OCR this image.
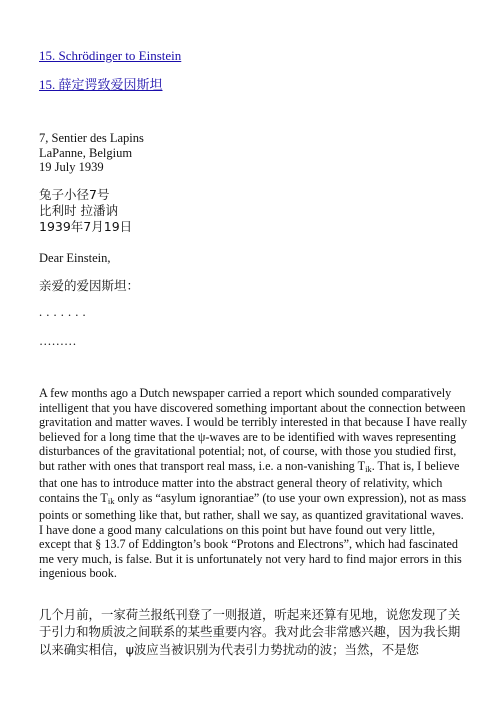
15. Schrödinger to Einstein
15. 薛定谔致爱因斯坦
7, Sentier des Lapins
LaPanne, Belgium
19 July 1939
兔子小径7号
比利时 拉潘讷
1939年7月19日
Dear Einstein,
亲爱的爱因斯坦：
. . . . . . .
………
A few months ago a Dutch newspaper carried a report which sounded comparatively intelligent that you have discovered something important about the connection between gravitation and matter waves. I would be terribly interested in that because I have really believed for a long time that the ψ-waves are to be identified with waves representing disturbances of the gravitational potential; not, of course, with those you studied first, but rather with ones that transport real mass, i.e. a non-vanishing $T_{ik}$. That is, I believe that one has to introduce matter into the abstract general theory of relativity, which contains the $T_{ik}$ only as “asylum ignorantiae” (to use your own expression), not as mass points or something like that, but rather, shall we say, as quantized gravitational waves. I have done a good many calculations on this point but have found out very little, except that § 13.7 of Eddington’s book “Protons and Electrons”, which had fascinated me very much, is false. But it is unfortunately not very hard to find major errors in this ingenious book.
几个月前，一家荷兰报纸刊登了一则报道，听起来还算有见地，说您发现了关于引力和物质波之间联系的某些重要内容。我对此会非常感兴趣，因为我长期以来确实相信，ψ波应当被识别为代表引力势扰动的波；当然，不是您
